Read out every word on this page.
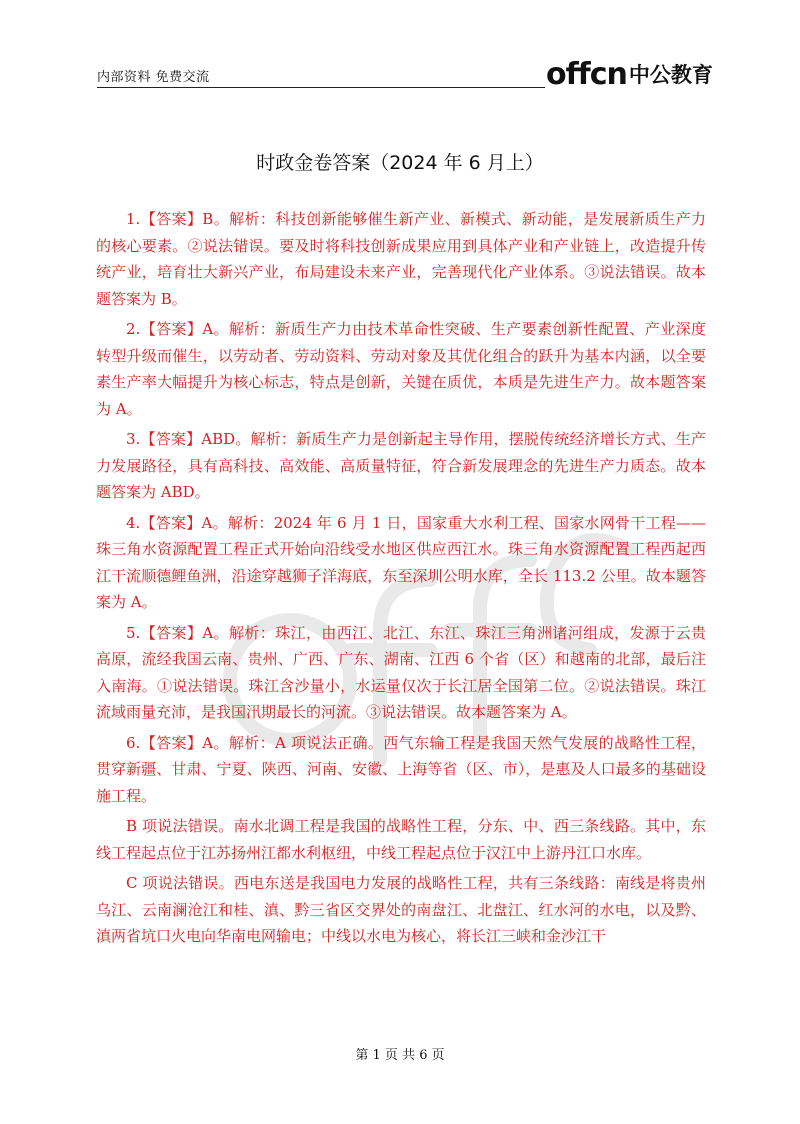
内部资料 免费交流	offcn 中公教育
时政金卷答案（2024 年 6 月上）

1.【答案】B。解析：科技创新能够催生新产业、新模式、新动能，是发展新质生产力的核心要素。②说法错误。要及时将科技创新成果应用到具体产业和产业链上，改造提升传统产业，培育壮大新兴产业，布局建设未来产业，完善现代化产业体系。③说法错误。故本题答案为 B。

2.【答案】A。解析：新质生产力由技术革命性突破、生产要素创新性配置、产业深度转型升级而催生，以劳动者、劳动资料、劳动对象及其优化组合的跃升为基本内涵，以全要素生产率大幅提升为核心标志，特点是创新，关键在质优，本质是先进生产力。故本题答案为 A。

3.【答案】ABD。解析：新质生产力是创新起主导作用，摆脱传统经济增长方式、生产力发展路径，具有高科技、高效能、高质量特征，符合新发展理念的先进生产力质态。故本题答案为 ABD。

4.【答案】A。解析：2024 年 6 月 1 日，国家重大水利工程、国家水网骨干工程——珠三角水资源配置工程正式开始向沿线受水地区供应西江水。珠三角水资源配置工程西起西江干流顺德鲤鱼洲，沿途穿越狮子洋海底，东至深圳公明水库，全长 113.2 公里。故本题答案为 A。

5.【答案】A。解析：珠江，由西江、北江、东江、珠江三角洲诸河组成，发源于云贵高原，流经我国云南、贵州、广西、广东、湖南、江西 6 个省（区）和越南的北部，最后注入南海。①说法错误。珠江含沙量小，水运量仅次于长江居全国第二位。②说法错误。珠江流域雨量充沛，是我国汛期最长的河流。③说法错误。故本题答案为 A。

6.【答案】A。解析：A 项说法正确。西气东输工程是我国天然气发展的战略性工程，贯穿新疆、甘肃、宁夏、陕西、河南、安徽、上海等省（区、市），是惠及人口最多的基础设施工程。

B 项说法错误。南水北调工程是我国的战略性工程，分东、中、西三条线路。其中，东线工程起点位于江苏扬州江都水利枢纽，中线工程起点位于汉江中上游丹江口水库。

C 项说法错误。西电东送是我国电力发展的战略性工程，共有三条线路：南线是将贵州乌江、云南澜沧江和桂、滇、黔三省区交界处的南盘江、北盘江、红水河的水电，以及黔、滇两省坑口火电向华南电网输电；中线以水电为核心，将长江三峡和金沙江干

第 1 页 共 6 页
